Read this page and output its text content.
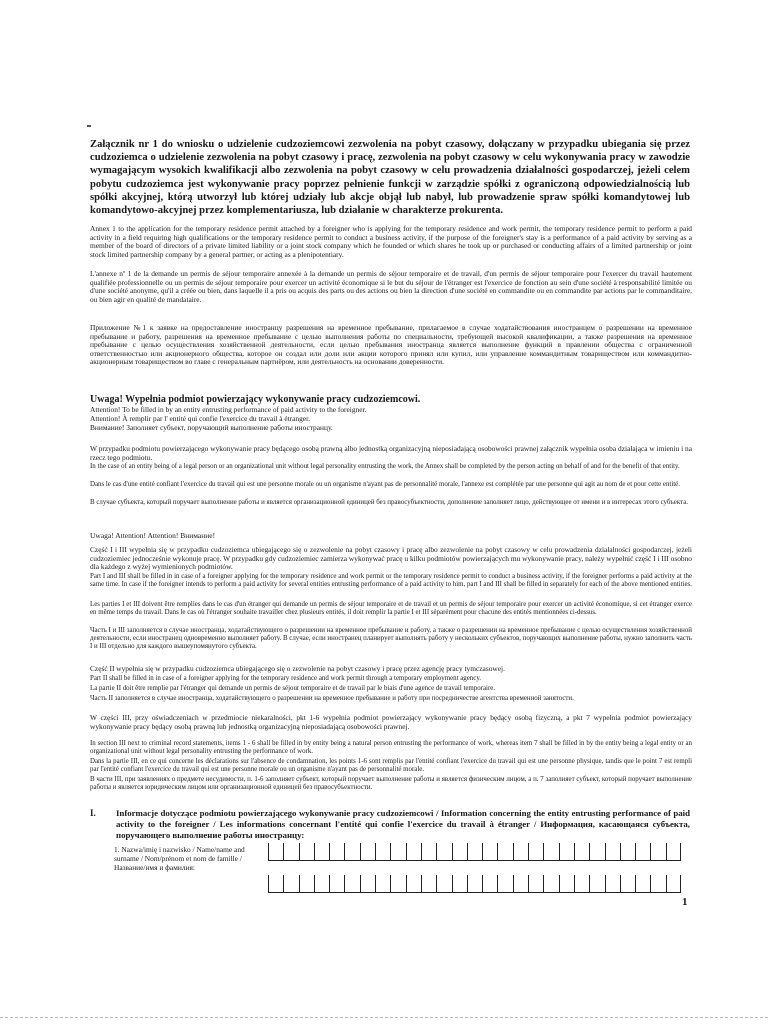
Załącznik nr 1 do wniosku o udzielenie cudzoziemcowi zezwolenia na pobyt czasowy, dołączany w przypadku ubiegania się przez cudzoziemca o udzielenie zezwolenia na pobyt czasowy i pracę, zezwolenia na pobyt czasowy w celu wykonywania pracy w zawodzie wymagającym wysokich kwalifikacji albo zezwolenia na pobyt czasowy w celu prowadzenia działalności gospodarczej, jeżeli celem pobytu cudzoziemca jest wykonywanie pracy poprzez pełnienie funkcji w zarządzie spółki z ograniczoną odpowiedzialnością lub spółki akcyjnej, którą utworzył lub której udziały lub akcje objął lub nabył, lub prowadzenie spraw spółki komandytowej lub komandytowo-akcyjnej przez komplementariusza, lub działanie w charakterze prokurenta.

Annex 1 to the application for the temporary residence permit attached by a foreigner who is applying for the temporary residence and work permit, the temporary residence permit to perform a paid activity in a field requiring high qualifications or the temporary residence permit to conduct a business activity, if the purpose of the foreigner's stay is a performance of a paid activity by serving as a member of the board of directors of a private limited liability or a joint stock company which he founded or which shares he took up or purchased or conducting affairs of a limited partnership or joint stock limited partnership company by a general partner, or acting as a plenipotentiary.

L'annexe nº 1 de la demande un permis de séjour temporaire annexée à la demande un permis de séjour temporaire et de travail, d'un permis de séjour temporaire pour l'exercer du travail hautement qualifiée professionnelle ou un permis de séjour temporaire pour exercer un activité économique si le but du séjour de l'étranger est l'exercice de fonction au sein d'une société à responsabilité limitée ou d'une société anonyme, qu'il a créée ou bien, dans laquelle il a pris ou acquis des parts ou des actions ou bien la direction d'une société en commandite ou en commandite par actions par le commanditaire, ou bien agir en qualité de mandataire.

Приложение №1 к заявке на предоставление иностранцу разрешения на временное пребывание, прилагаемое в случае ходатайствования иностранцем о разрешении на временное пребывание и работу, разрешения на временное пребывание с целью выполнения работы по специальности, требующей высокой квалификации, а также разрешения на временное пребывание с целью осуществления хозяйственной деятельности, если целью пребывания иностранца является выполнение функций в правлении общества с ограниченной ответственностью или акционерного общества, которое он создал или доли или акции которого принял или купил, или управление коммандитным товариществом или коммандитно-акционерным товариществом во главе с генеральным партнёром, или деятельность на основании доверенности.

Uwaga! Wypełnia podmiot powierzający wykonywanie pracy cudzoziemcowi.

Attention! To be filled in by an entity entrusting performance of paid activity to the foreigner.

Attention! À remplir par l' entité qui confie l'exercice du travail à étranger.

Внимание! Заполняет субъект, поручающий выполнение работы иностранцу.

W przypadku podmiotu powierzającego wykonywanie pracy będącego osobą prawną albo jednostką organizacyjną nieposiadającą osobowości prawnej załącznik wypełnia osoba działająca w imieniu i na rzecz tego podmiotu.

In the case of an entity being of a legal person or an organizational unit without legal personality entrusting the work, the Annex shall be completed by the person acting on behalf of and for the benefit of that entity.

Dans le cas d'une entité confiant l'exercice du travail qui est une personne morale ou un organisme n'ayant pas de personnalité morale, l'annexe est complétée par une personne qui agit au nom de et pour cette entité.

В случае субъекта, который поручает выполнение работы и является организационной единицей без правосубъектности, дополнение заполняет лицо, действующее от имени и в интересах этого субъекта.

Uwaga! Attention! Attention! Внимание!

Część I i III wypełnia się w przypadku cudzoziemca ubiegającego się o zezwolenie na pobyt czasowy i pracę albo zezwolenie na pobyt czasowy w celu prowadzenia działalności gospodarczej, jeżeli cudzoziemiec jednocześnie wykonuje pracę. W przypadku gdy cudzoziemiec zamierza wykonywać pracę u kilku podmiotów powierzających mu wykonywanie pracy, należy wypełnić część I i III osobno dla każdego z wyżej wymienionych podmiotów.

Part I and III shall be filled in in case of a foreigner applying for the temporary residence and work permit or the temporary residence permit to conduct a business activity, if the foreigner performs a paid activity at the same time. In case if the foreigner intends to perform a paid activity for several entities entrusting performance of a paid activity to him, part I and III shall be filled in separately for each of the above mentioned entities.

Les parties I et III doivent être remplies dans le cas d'un étranger qui demande un permis de séjour temporaire et de travail et un permis de séjour temporaire pour exercer un activité économique, si cet étranger exerce en même temps du travail. Dans le cas où l'étranger souhaite travailler chez plusieurs entités, il doit remplir la partie I et III séparément pour chacune des entités mentionnées ci-dessus.

Часть I и III заполняется в случае иностранца, ходатайствующего о разрешении на временное пребывание и работу, а также о разрешении на временное пребывание с целью осуществления хозяйственной деятельности, если иностранец одновременно выполняет работу. В случае, если иностранец планирует выполнять работу у нескольких субъектов, поручающих выполнение работы, нужно заполнить часть I и III отдельно для каждого вышеупомянутого субъекта.

Część II wypełnia się w przypadku cudzoziemca ubiegającego się o zezwolenie na pobyt czasowy i pracę przez agencję pracy tymczasowej.

Part II shall be filled in in case of a foreigner applying for the temporary residence and work permit through a temporary employment agency.

La partie II doit être remplie par l'étranger qui demande un permis de séjour temporaire et de travail par le biais d'une agence de travail temporaire.

Часть II заполняется в случае иностранца, ходатайствующего о разрешении на временное пребывание и работу при посредничестве агентства временной занятости.

W części III, przy oświadczeniach w przedmiocie niekaralności, pkt 1-6 wypełnia podmiot powierzający wykonywanie pracy będący osobą fizyczną, a pkt 7 wypełnia podmiot powierzający wykonywanie pracy będący osobą prawną lub jednostką organizacyjną nieposiadającą osobowości prawnej.

In section III next to criminal record statements, items 1 - 6 shall be filled in by entity being a natural person entrusting the performance of work, whereas item 7 shall be filled in by the entity being a legal entity or an organizational unit without legal personality entrusting the performance of work.

Dans la partie III, en ce qui concerne les déclarations sur l'absence de condamnation, les points 1-6 sont remplis par l'entité confiant l'exercice du travail qui est une personne physique, tandis que le point 7 est rempli par l'entité confiant l'exercice du travail qui est une personne morale ou un organisme n'ayant pas de personnalité morale.

В части III, при заявлениях о предмете несудимости, п. 1-6 заполняет субъект, который поручает выполнение работы и является физическим лицом, а п. 7 заполняет субъект, который поручает выполнение работы и является юридическим лицом или организационной единицей без правосубъектности.

I. Informacje dotyczące podmiotu powierzającego wykonywanie pracy cudzoziemcowi / Information concerning the entity entrusting performance of paid activity to the foreigner / Les informations concernant l'entité qui confie l'exercice du travail à étranger / Информация, касающаяся субъекта, поручающего выполнение работы иностранцу:

1. Nazwa/imię i nazwisko / Name/name and surname / Nom/prénom et nom de famille / Название/имя и фамилия:

1
